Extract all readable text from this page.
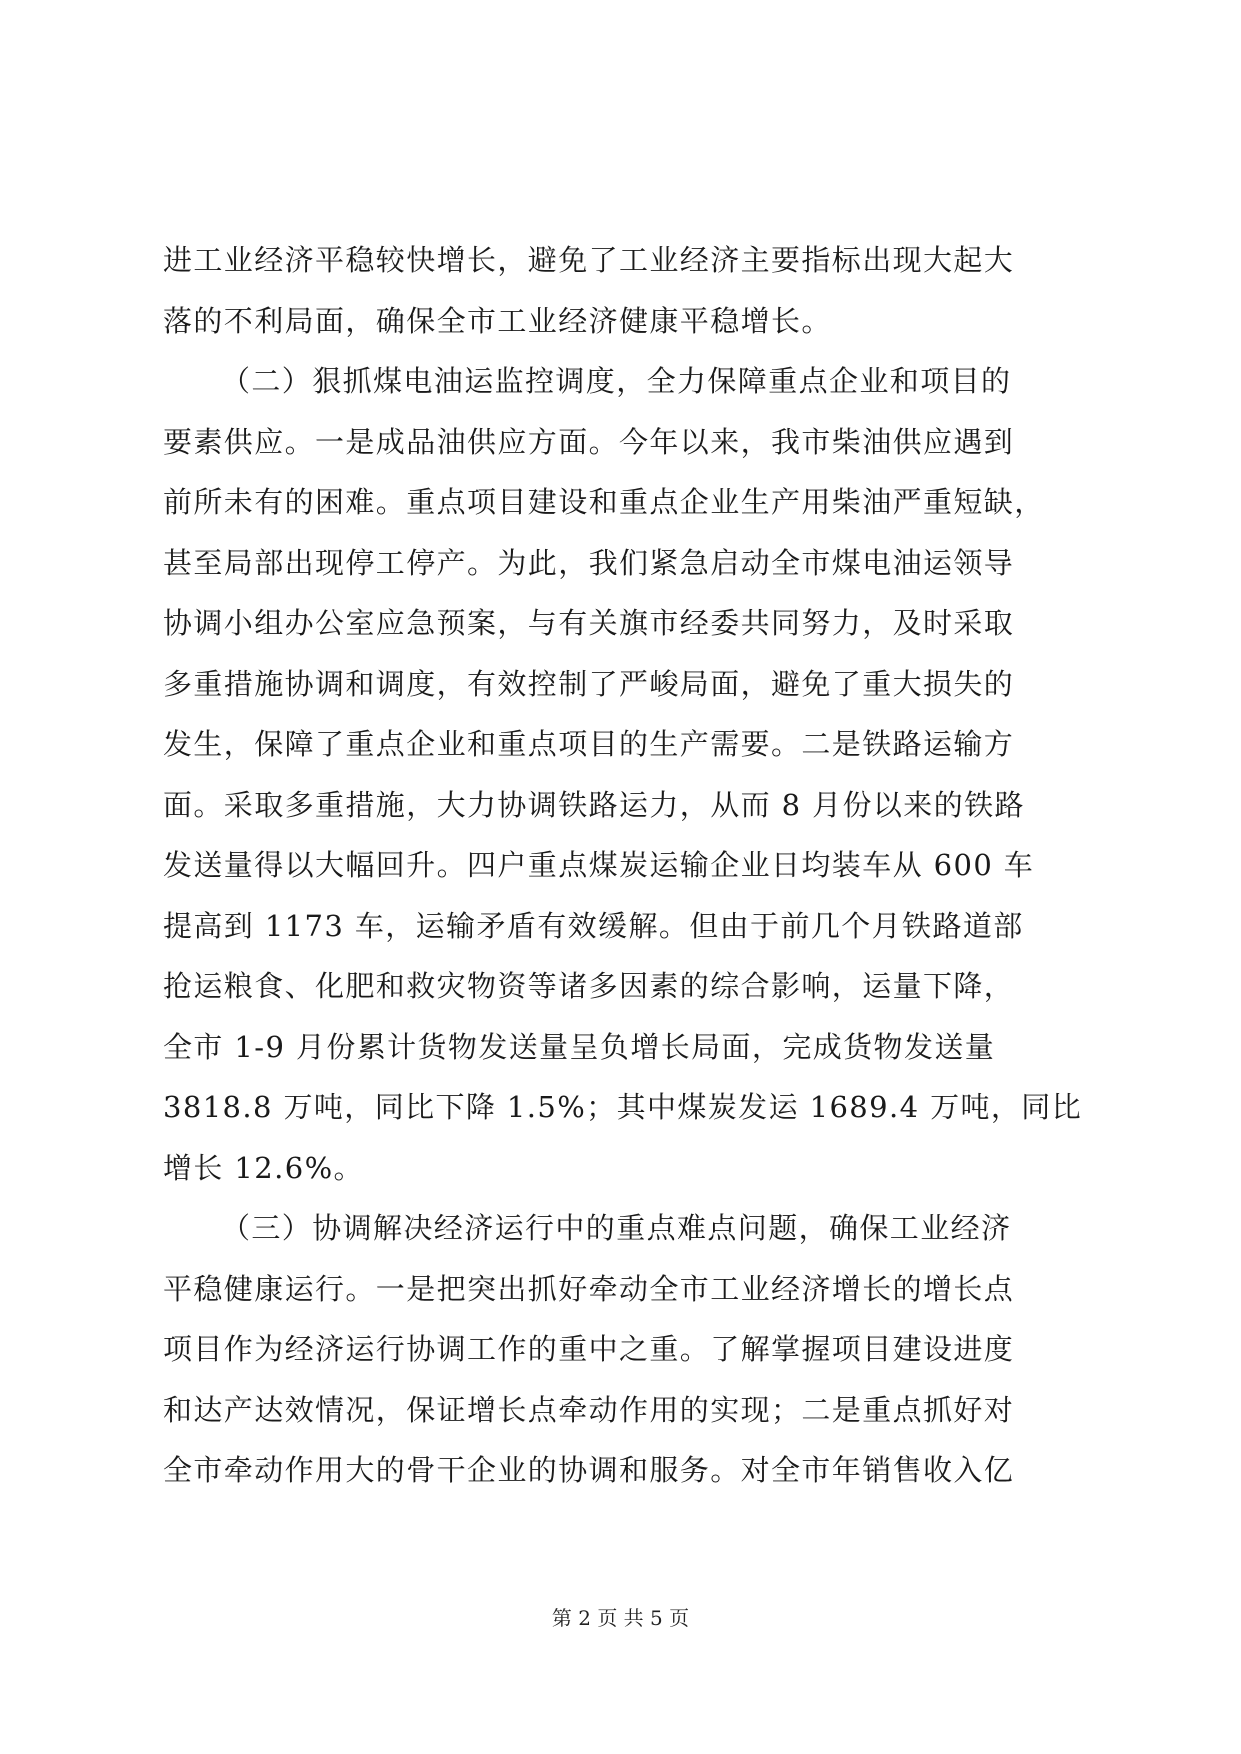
进工业经济平稳较快增长，避免了工业经济主要指标出现大起大
落的不利局面，确保全市工业经济健康平稳增长。
（二）狠抓煤电油运监控调度，全力保障重点企业和项目的
要素供应。一是成品油供应方面。今年以来，我市柴油供应遇到
前所未有的困难。重点项目建设和重点企业生产用柴油严重短缺，
甚至局部出现停工停产。为此，我们紧急启动全市煤电油运领导
协调小组办公室应急预案，与有关旗市经委共同努力，及时采取
多重措施协调和调度，有效控制了严峻局面，避免了重大损失的
发生，保障了重点企业和重点项目的生产需要。二是铁路运输方
面。采取多重措施，大力协调铁路运力，从而 8 月份以来的铁路
发送量得以大幅回升。四户重点煤炭运输企业日均装车从 600 车
提高到 1173 车，运输矛盾有效缓解。但由于前几个月铁路道部
抢运粮食、化肥和救灾物资等诸多因素的综合影响，运量下降，
全市 1-9 月份累计货物发送量呈负增长局面，完成货物发送量
3818.8 万吨，同比下降 1.5%；其中煤炭发运 1689.4 万吨，同比
增长 12.6%。
（三）协调解决经济运行中的重点难点问题，确保工业经济
平稳健康运行。一是把突出抓好牵动全市工业经济增长的增长点
项目作为经济运行协调工作的重中之重。了解掌握项目建设进度
和达产达效情况，保证增长点牵动作用的实现；二是重点抓好对
全市牵动作用大的骨干企业的协调和服务。对全市年销售收入亿
第 2 页 共 5 页
